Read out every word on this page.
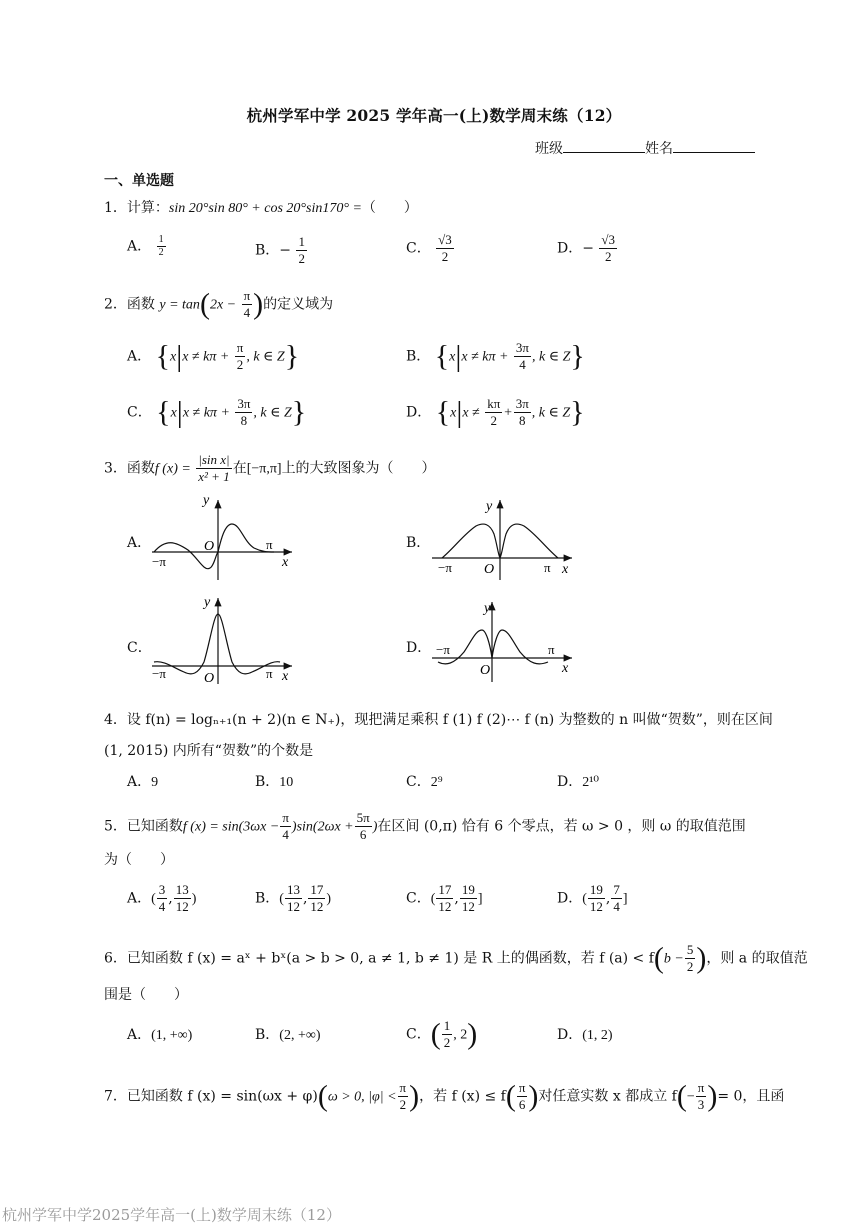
杭州学军中学 2025 学年高一(上)数学周末练（12）
班级	姓名
一、单选题
1．计算：sin 20°sin 80° + cos 20°sin170° =（　　）
A． $\frac{1}{2}$	B．− $\frac{1}{2}$	C． $\frac{√3}{2}$	D．− $\frac{√3}{2}$
2．函数 $y = \tan(2x - \frac{\pi}{4}$ )的定义域为
A． {$x|x \ne k\pi + \frac{\pi}{2}$ , k ∈ Z}	B． {$x|x \ne k\pi + \frac{3\pi}{4}$ , k ∈ Z}
C． {$x|x \ne k\pi + \frac{3\pi}{8}$ , k ∈ Z}	D． {$x|x \ne \frac{k\pi}{2} + \frac{3\pi}{8}$ , k ∈ Z}
3．函数f $(x) = \frac{\text{|sin x|}}{\text{x² + 1}}$ 在[−π,π]上的大致图象为（　　）
A．	B．
C．	D．
y
O	π
−π	x
y
O	π
−π	x
y
O	π
−π	x
y
O
π
−π
x
4．设 f(n) = logₙ₊₁(n + 2)(n ∈ N₊)，现把满足乘积 f (1) f (2)⋯ f (n) 为整数的 n 叫做“贺数”，则在区间
(1, 2015) 内所有“贺数”的个数是
A．9	B．10	C．2⁹	D．2¹⁰
5．已知函数f $(x) = \sin(3\omega x - \frac{\pi}{4} )\sin(2\omega x + \frac{5\pi}{6}$ )在区间 (0,π) 恰有 6 个零点，若 ω > 0 ，则 ω 的取值范围
为（　　）
A．( $\frac{3}{4}$ , $\frac{13}{12}$ )	B．( $\frac{13}{12}$ , $\frac{17}{12}$ )	C．( $\frac{17}{12}$ , $\frac{19}{12}$ ]	D．( $\frac{19}{12}$ , $\frac{7}{4}$ ]
6．已知函数 f (x) = aˣ + bˣ(a > b > 0, a ≠ 1, b ≠ 1) 是 R 上的偶函数，若 f $(a) < f(b - \frac{5}{2}$ )，则 a 的取值范
围是（　　）
A．(1, +∞)	B．(2, +∞)	C．( $\frac{1}{2}$ , 2)	D．(1, 2)
7．已知函数 f (x) = sin(ωx + φ)(ω > 0, $|\varphi| < \frac{\pi}{2}$ )，若 f $(x) \le f( \frac{\pi}{6}$ )对任意实数 x 都成立 $f(- \frac{\pi}{3}$ )= 0，且函
杭州学军中学2025学年高一(上)数学周末练（12）
